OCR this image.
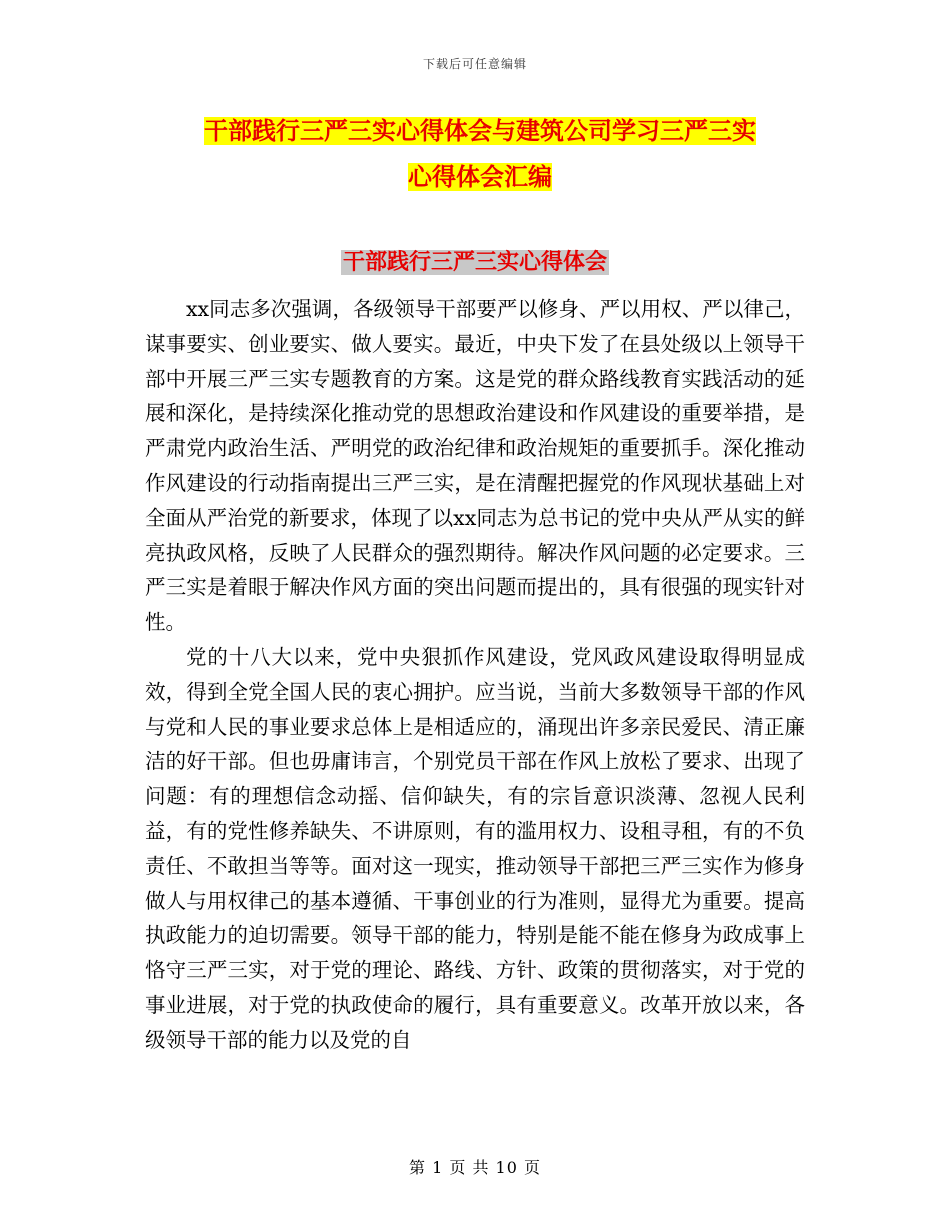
下载后可任意编辑
干部践行三严三实心得体会与建筑公司学习三严三实
心得体会汇编
干部践行三严三实心得体会

xx同志多次强调，各级领导干部要严以修身、严以用权、严以律己，谋事要实、创业要实、做人要实。最近，中央下发了在县处级以上领导干部中开展三严三实专题教育的方案。这是党的群众路线教育实践活动的延展和深化，是持续深化推动党的思想政治建设和作风建设的重要举措，是严肃党内政治生活、严明党的政治纪律和政治规矩的重要抓手。深化推动作风建设的行动指南提出三严三实，是在清醒把握党的作风现状基础上对全面从严治党的新要求，体现了以xx同志为总书记的党中央从严从实的鲜亮执政风格，反映了人民群众的强烈期待。解决作风问题的必定要求。三严三实是着眼于解决作风方面的突出问题而提出的，具有很强的现实针对性。

党的十八大以来，党中央狠抓作风建设，党风政风建设取得明显成效，得到全党全国人民的衷心拥护。应当说，当前大多数领导干部的作风与党和人民的事业要求总体上是相适应的，涌现出许多亲民爱民、清正廉洁的好干部。但也毋庸讳言，个别党员干部在作风上放松了要求、出现了问题：有的理想信念动摇、信仰缺失，有的宗旨意识淡薄、忽视人民利益，有的党性修养缺失、不讲原则，有的滥用权力、设租寻租，有的不负责任、不敢担当等等。面对这一现实，推动领导干部把三严三实作为修身做人与用权律己的基本遵循、干事创业的行为准则，显得尤为重要。提高执政能力的迫切需要。领导干部的能力，特别是能不能在修身为政成事上恪守三严三实，对于党的理论、路线、方针、政策的贯彻落实，对于党的事业进展，对于党的执政使命的履行，具有重要意义。改革开放以来，各级领导干部的能力以及党的自

第 1 页 共 10 页
